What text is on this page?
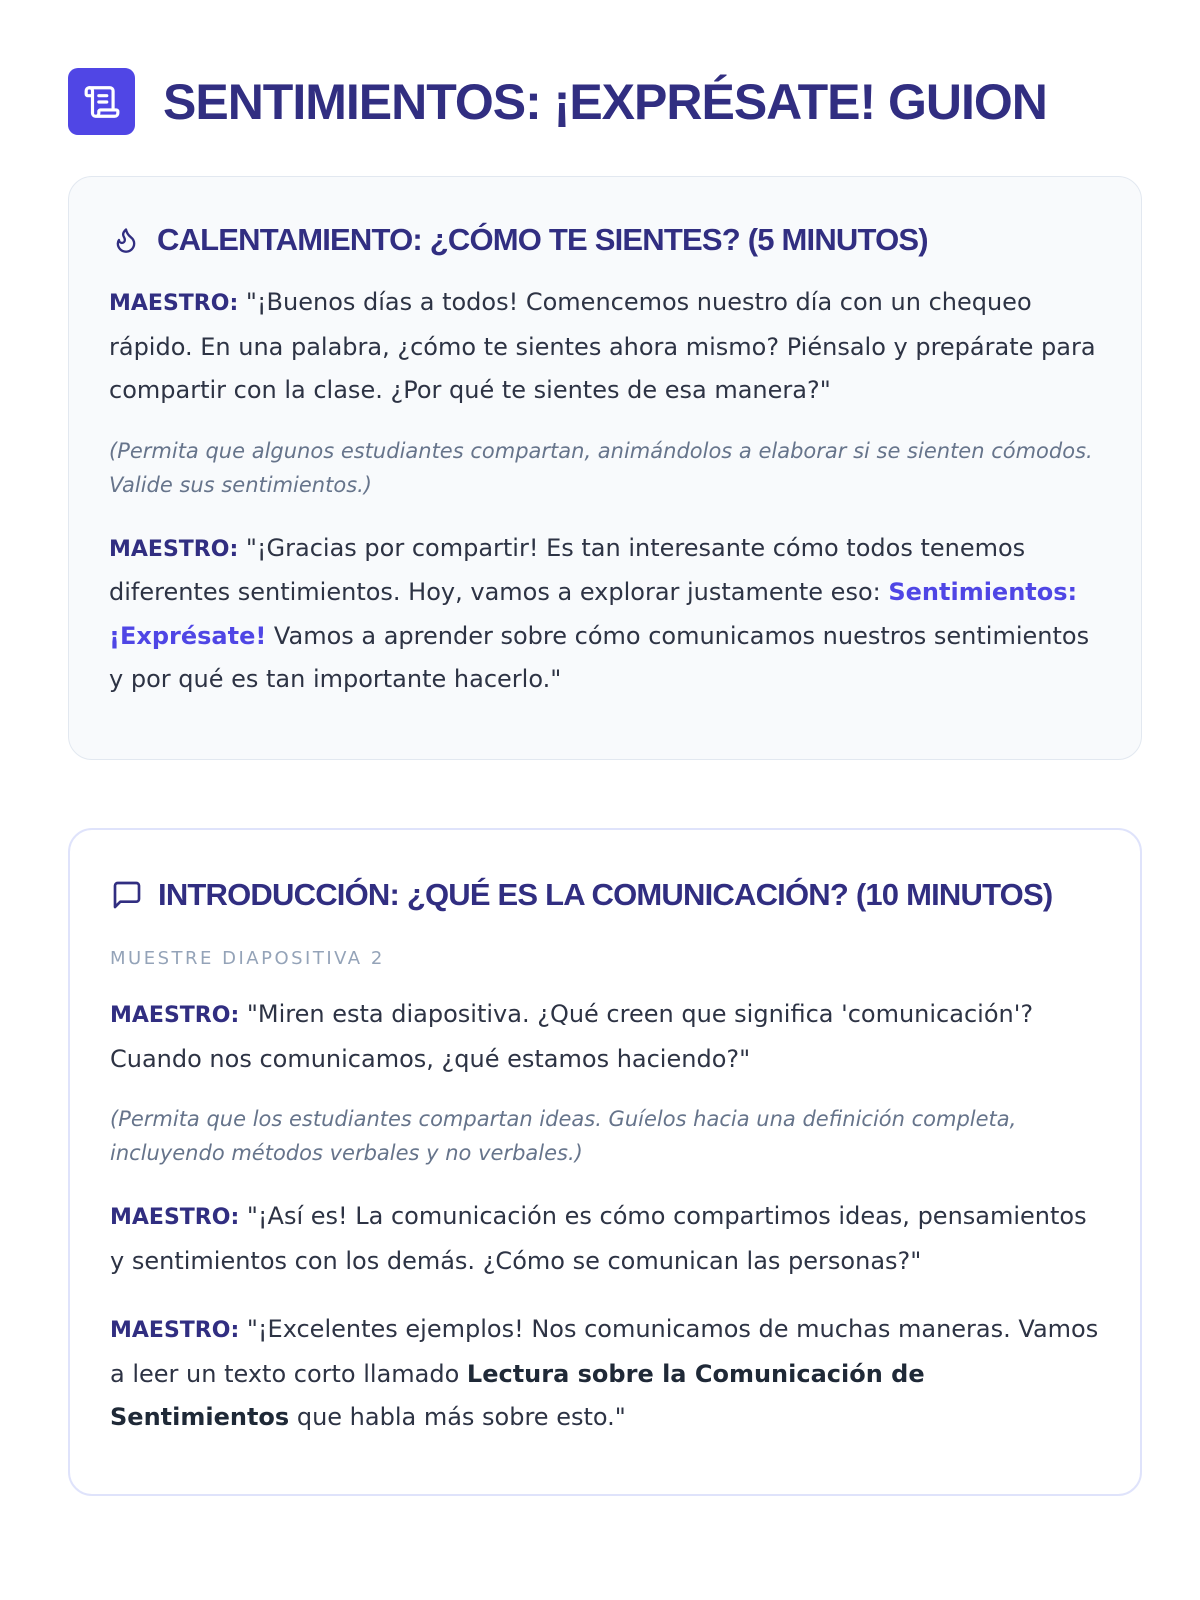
SENTIMIENTOS: ¡EXPRÉSATE! GUION
CALENTAMIENTO: ¿CÓMO TE SIENTES? (5 MINUTOS)

MAESTRO: "¡Buenos días a todos! Comencemos nuestro día con un chequeo rápido. En una palabra, ¿cómo te sientes ahora mismo? Piénsalo y prepárate para compartir con la clase. ¿Por qué te sientes de esa manera?"

(Permita que algunos estudiantes compartan, animándolos a elaborar si se sienten cómodos. Valide sus sentimientos.)

MAESTRO: "¡Gracias por compartir! Es tan interesante cómo todos tenemos diferentes sentimientos. Hoy, vamos a explorar justamente eso: Sentimientos: ¡Exprésate! Vamos a aprender sobre cómo comunicamos nuestros sentimientos y por qué es tan importante hacerlo."

INTRODUCCIÓN: ¿QUÉ ES LA COMUNICACIÓN? (10 MINUTOS)

MUESTRE DIAPOSITIVA 2

MAESTRO: "Miren esta diapositiva. ¿Qué creen que significa 'comunicación'? Cuando nos comunicamos, ¿qué estamos haciendo?"

(Permita que los estudiantes compartan ideas. Guíelos hacia una definición completa, incluyendo métodos verbales y no verbales.)

MAESTRO: "¡Así es! La comunicación es cómo compartimos ideas, pensamientos y sentimientos con los demás. ¿Cómo se comunican las personas?"

MAESTRO: "¡Excelentes ejemplos! Nos comunicamos de muchas maneras. Vamos a leer un texto corto llamado Lectura sobre la Comunicación de Sentimientos que habla más sobre esto."
